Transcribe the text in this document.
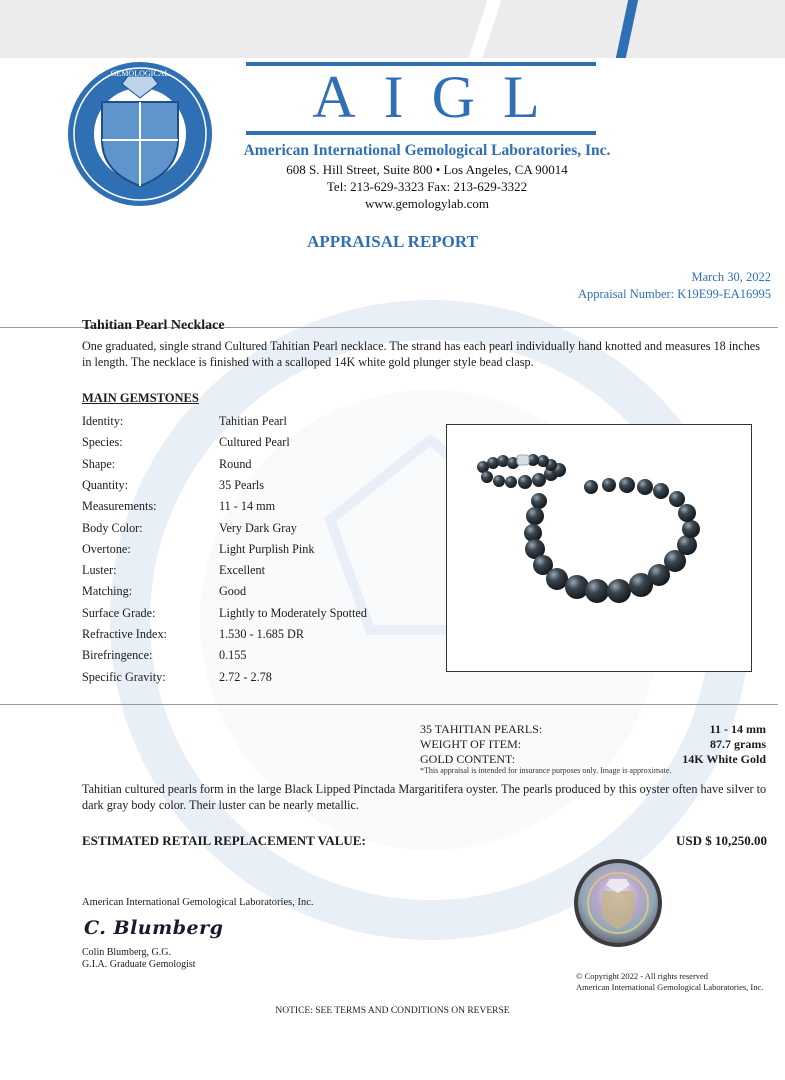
GEMOLOGICAL	AIGL
American International Gemological Laboratories, Inc.
608 S. Hill Street, Suite 800 • Los Angeles, CA 90014
Tel: 213-629-3323 Fax: 213-629-3322
www.gemologylab.com
APPRAISAL REPORT
March 30, 2022
Appraisal Number: K19E99-EA16995
Tahitian Pearl Necklace
One graduated, single strand Cultured Tahitian Pearl necklace. The strand has each pearl individually hand knotted and measures 18 inches in length. The necklace is finished with a scalloped 14K white gold plunger style bead clasp.
MAIN GEMSTONES
Identity:	Tahitian Pearl
Species:	Cultured Pearl
Shape:	Round
Quantity:	35 Pearls
Measurements:	11 - 14 mm
Body Color:	Very Dark Gray
Overtone:	Light Purplish Pink
Luster:	Excellent
Matching:	Good
Surface Grade:	Lightly to Moderately Spotted
Refractive Index:	1.530 - 1.685 DR
Birefringence:	0.155
Specific Gravity:	2.72 - 2.78
35 TAHITIAN PEARLS:	11 - 14 mm
WEIGHT OF ITEM:	87.7 grams
GOLD CONTENT:	14K White Gold
*This appraisal is intended for insurance purposes only. Image is approximate.
Tahitian cultured pearls form in the large Black Lipped Pinctada Margaritifera oyster. The pearls produced by this oyster often have silver to dark gray body color. Their luster can be nearly metallic.
ESTIMATED RETAIL REPLACEMENT VALUE:	USD $ 10,250.00
American International Gemological Laboratories, Inc.
C. Blumberg
Colin Blumberg, G.G.
G.I.A. Graduate Gemologist
© Copyright 2022 - All rights reserved
American International Gemological Laboratories, Inc.
NOTICE: SEE TERMS AND CONDITIONS ON REVERSE
